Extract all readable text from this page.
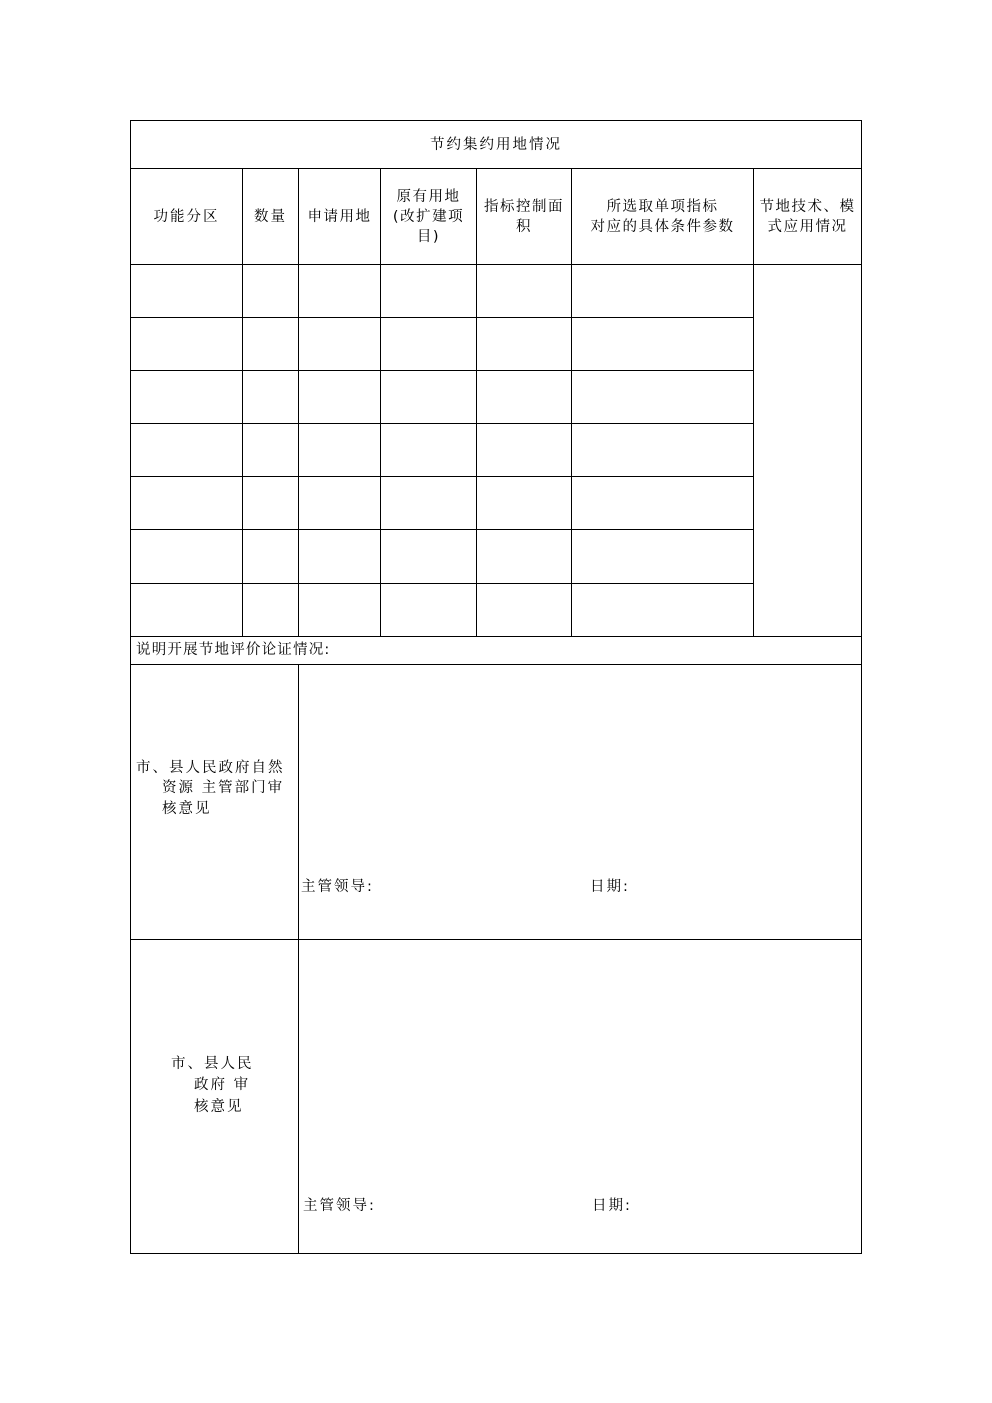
节约集约用地情况
功能分区 数量 申请用地
原有用地
(改扩建项
目)
指标控制面
积
所选取单项指标
对应的具体条件参数
节地技术、模
式应用情况
说明开展节地评价论证情况:
市、县人民政府自然
资源 主管部门审
核意见
主管领导:	日期:
市、县人民
政府 审
核意见
主管领导:	日期:
